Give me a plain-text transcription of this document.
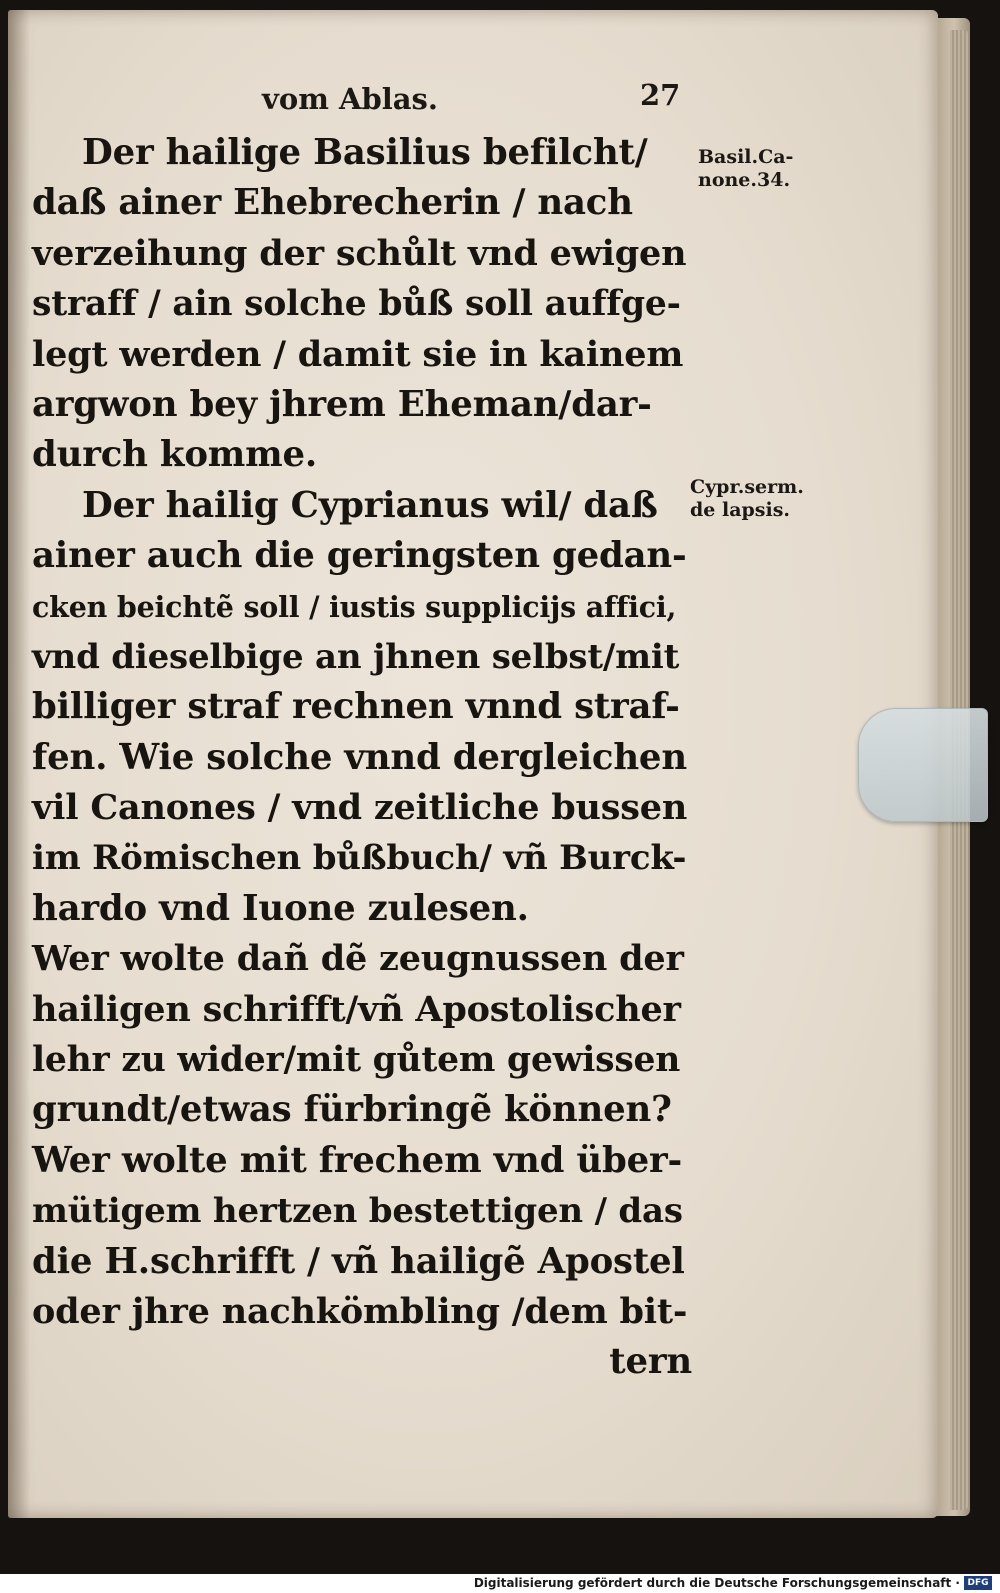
vom Ablas.	27
Der hailige Basilius befilcht/
daß ainer Ehebrecherin / nach
verzeihung der schůlt vnd ewigen
straff / ain solche bůß soll auffge-
legt werden / damit sie in kainem
argwon bey jhrem Eheman/dar-
durch komme.
Der hailig Cyprianus wil/ daß
ainer auch die geringsten gedan-
cken beichtẽ soll / iustis supplicijs affici,
vnd dieselbige an jhnen selbst/mit
billiger straf rechnen vnnd straf-
fen. Wie solche vnnd dergleichen
vil Canones / vnd zeitliche bussen
im Römischen bůßbuch/ vñ Burck-
hardo vnd Iuone zulesen.
Wer wolte dañ dẽ zeugnussen der
hailigen schrifft/vñ Apostolischer
lehr zu wider/mit gůtem gewissen
grundt/etwas fürbringẽ können?
Wer wolte mit frechem vnd über-
mütigem hertzen bestettigen / das
die H.schrifft / vñ hailigẽ Apostel
oder jhre nachkömbling /dem bit-
tern
Basil.Ca-
none.34.
Cypr.serm.
de lapsis.
Digitalisierung gefördert durch die Deutsche Forschungsgemeinschaft · DFG
